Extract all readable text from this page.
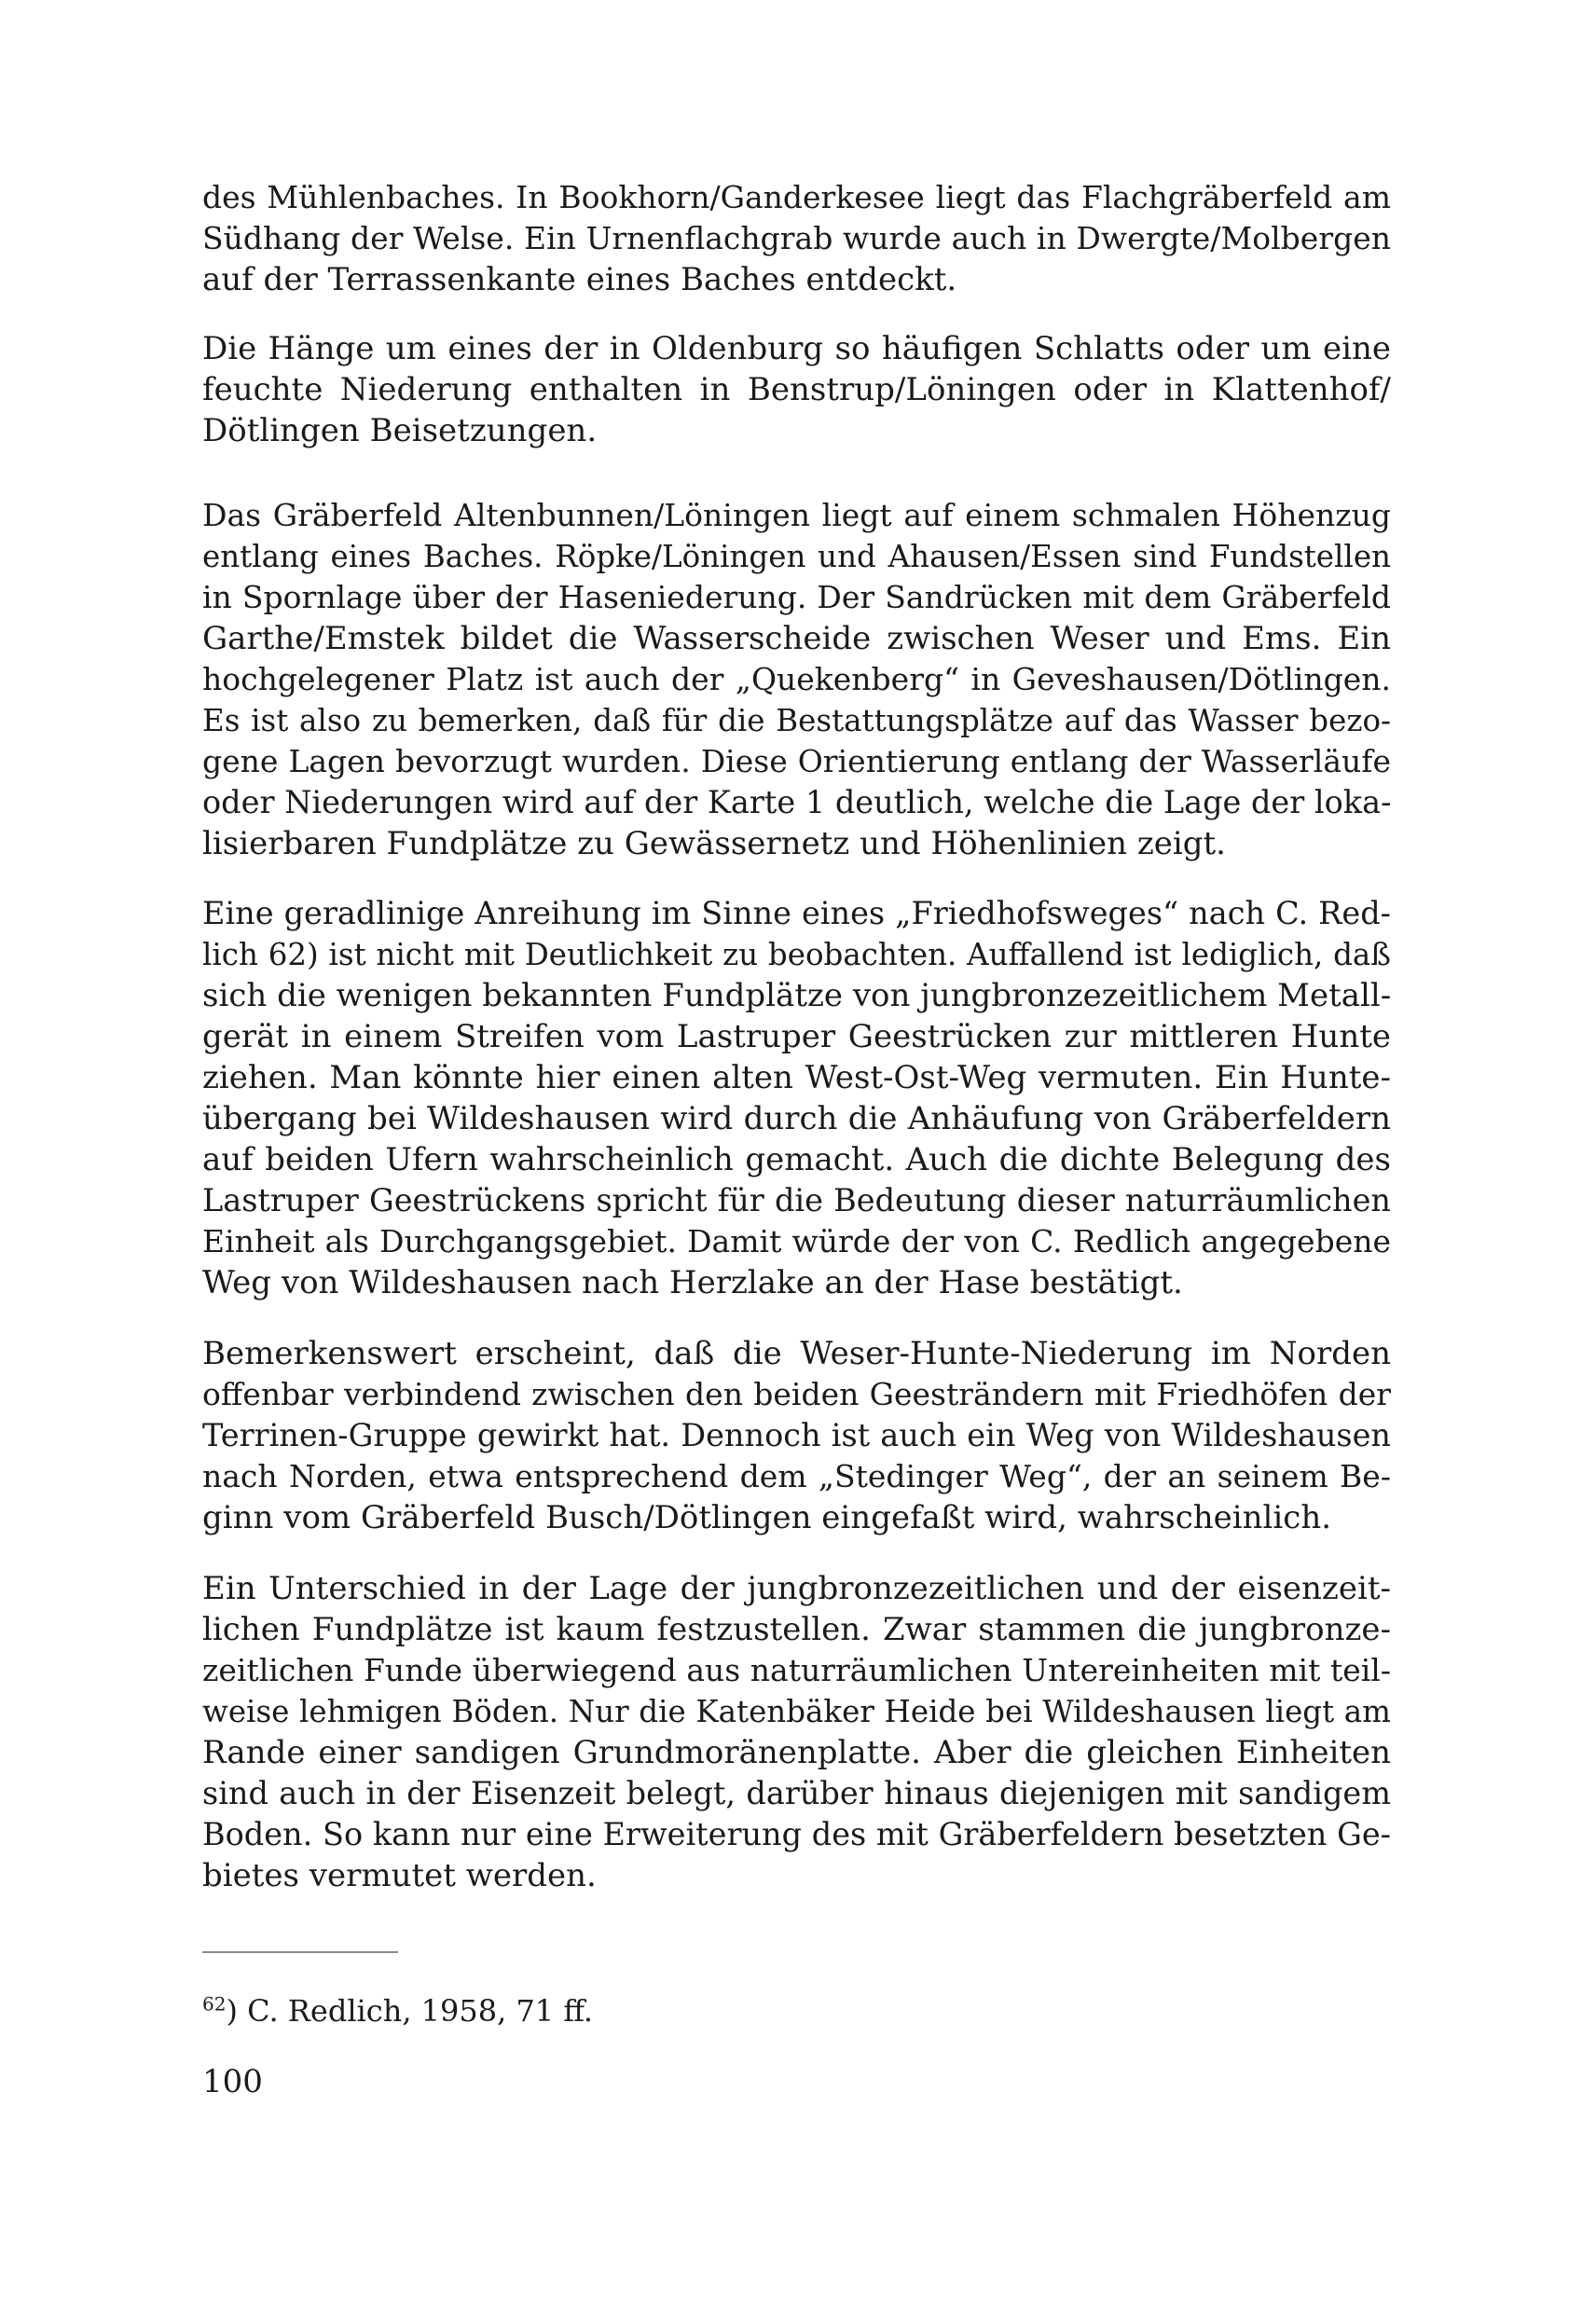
des Mühlenbaches. In Bookhorn/Ganderkesee liegt das Flachgräberfeld am
Südhang der Welse. Ein Urnenflachgrab wurde auch in Dwergte/Molbergen
auf der Terrassenkante eines Baches entdeckt.
Die Hänge um eines der in Oldenburg so häufigen Schlatts oder um eine
feuchte Niederung enthalten in Benstrup/Löningen oder in Klattenhof/
Dötlingen Beisetzungen.
Das Gräberfeld Altenbunnen/Löningen liegt auf einem schmalen Höhenzug
entlang eines Baches. Röpke/Löningen und Ahausen/Essen sind Fundstellen
in Spornlage über der Haseniederung. Der Sandrücken mit dem Gräberfeld
Garthe/Emstek bildet die Wasserscheide zwischen Weser und Ems. Ein
hochgelegener Platz ist auch der „Quekenberg“ in Geveshausen/Dötlingen.
Es ist also zu bemerken, daß für die Bestattungsplätze auf das Wasser bezo-
gene Lagen bevorzugt wurden. Diese Orientierung entlang der Wasserläufe
oder Niederungen wird auf der Karte 1 deutlich, welche die Lage der loka-
lisierbaren Fundplätze zu Gewässernetz und Höhenlinien zeigt.
Eine geradlinige Anreihung im Sinne eines „Friedhofsweges“ nach C. Red-
lich 62) ist nicht mit Deutlichkeit zu beobachten. Auffallend ist lediglich, daß
sich die wenigen bekannten Fundplätze von jungbronzezeitlichem Metall-
gerät in einem Streifen vom Lastruper Geestrücken zur mittleren Hunte
ziehen. Man könnte hier einen alten West-Ost-Weg vermuten. Ein Hunte-
übergang bei Wildeshausen wird durch die Anhäufung von Gräberfeldern
auf beiden Ufern wahrscheinlich gemacht. Auch die dichte Belegung des
Lastruper Geestrückens spricht für die Bedeutung dieser naturräumlichen
Einheit als Durchgangsgebiet. Damit würde der von C. Redlich angegebene
Weg von Wildeshausen nach Herzlake an der Hase bestätigt.
Bemerkenswert erscheint, daß die Weser-Hunte-Niederung im Norden
offenbar verbindend zwischen den beiden Geesträndern mit Friedhöfen der
Terrinen-Gruppe gewirkt hat. Dennoch ist auch ein Weg von Wildeshausen
nach Norden, etwa entsprechend dem „Stedinger Weg“, der an seinem Be-
ginn vom Gräberfeld Busch/Dötlingen eingefaßt wird, wahrscheinlich.
Ein Unterschied in der Lage der jungbronzezeitlichen und der eisenzeit-
lichen Fundplätze ist kaum festzustellen. Zwar stammen die jungbronze-
zeitlichen Funde überwiegend aus naturräumlichen Untereinheiten mit teil-
weise lehmigen Böden. Nur die Katenbäker Heide bei Wildeshausen liegt am
Rande einer sandigen Grundmoränenplatte. Aber die gleichen Einheiten
sind auch in der Eisenzeit belegt, darüber hinaus diejenigen mit sandigem
Boden. So kann nur eine Erweiterung des mit Gräberfeldern besetzten Ge-
bietes vermutet werden.
$^{62}$) C. Redlich, 1958, 71 ff.
100
